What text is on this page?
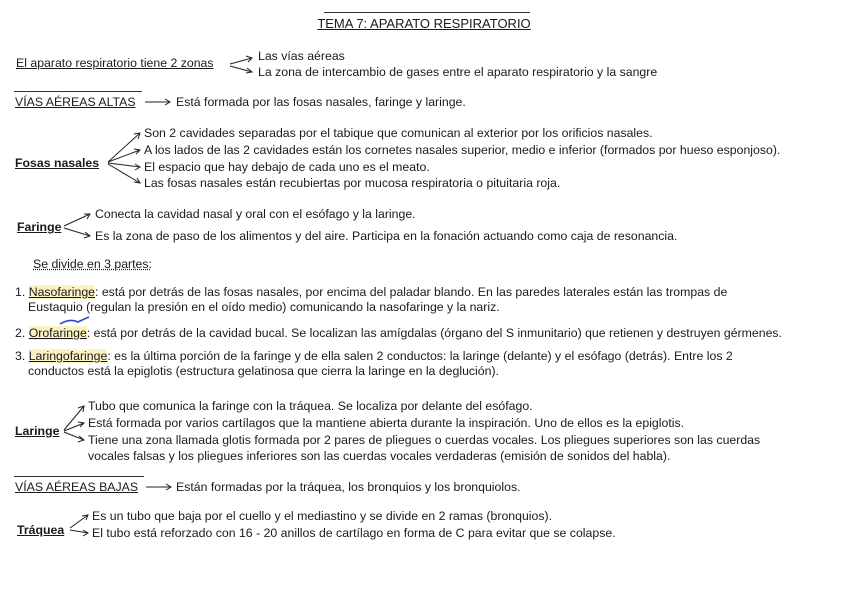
TEMA 7: APARATO RESPIRATORIO
El aparato respiratorio tiene 2 zonas	Las vías aéreas
La zona de intercambio de gases entre el aparato respiratorio y la sangre
VÍAS AÉREAS ALTAS	Está formada por las fosas nasales, faringe y laringe.
Fosas nasales
Son 2 cavidades separadas por el tabique que comunican al exterior por los orificios nasales.
A los lados de las 2 cavidades están los cornetes nasales superior, medio e inferior (formados por hueso esponjoso).
El espacio que hay debajo de cada uno es el meato.
Las fosas nasales están recubiertas por mucosa respiratoria o pituitaria roja.
Faringe
Conecta la cavidad nasal y oral con el esófago y la laringe.
Es la zona de paso de los alimentos y del aire. Participa en la fonación actuando como caja de resonancia.
Se divide en 3 partes:
1. Nasofaringe: está por detrás de las fosas nasales, por encima del paladar blando. En las paredes laterales están las trompas de
Eustaquio (regulan la presión en el oído medio) comunicando la nasofaringe y la nariz.
2. Orofaringe: está por detrás de la cavidad bucal. Se localizan las amígdalas (órgano del S inmunitario) que retienen y destruyen gérmenes.
3. Laringofaringe: es la última porción de la faringe y de ella salen 2 conductos: la laringe (delante) y el esófago (detrás). Entre los 2
conductos está la epiglotis (estructura gelatinosa que cierra la laringe en la deglución).
Laringe
Tubo que comunica la faringe con la tráquea. Se localiza por delante del esófago.
Está formada por varios cartílagos que la mantiene abierta durante la inspiración. Uno de ellos es la epiglotis.
Tiene una zona llamada glotis formada por 2 pares de pliegues o cuerdas vocales. Los pliegues superiores son las cuerdas
vocales falsas y los pliegues inferiores son las cuerdas vocales verdaderas (emisión de sonidos del habla).
VÍAS AÉREAS BAJAS	Están formadas por la tráquea, los bronquios y los bronquiolos.
Tráquea
Es un tubo que baja por el cuello y el mediastino y se divide en 2 ramas (bronquios).
El tubo está reforzado con 16 - 20 anillos de cartílago en forma de C para evitar que se colapse.
